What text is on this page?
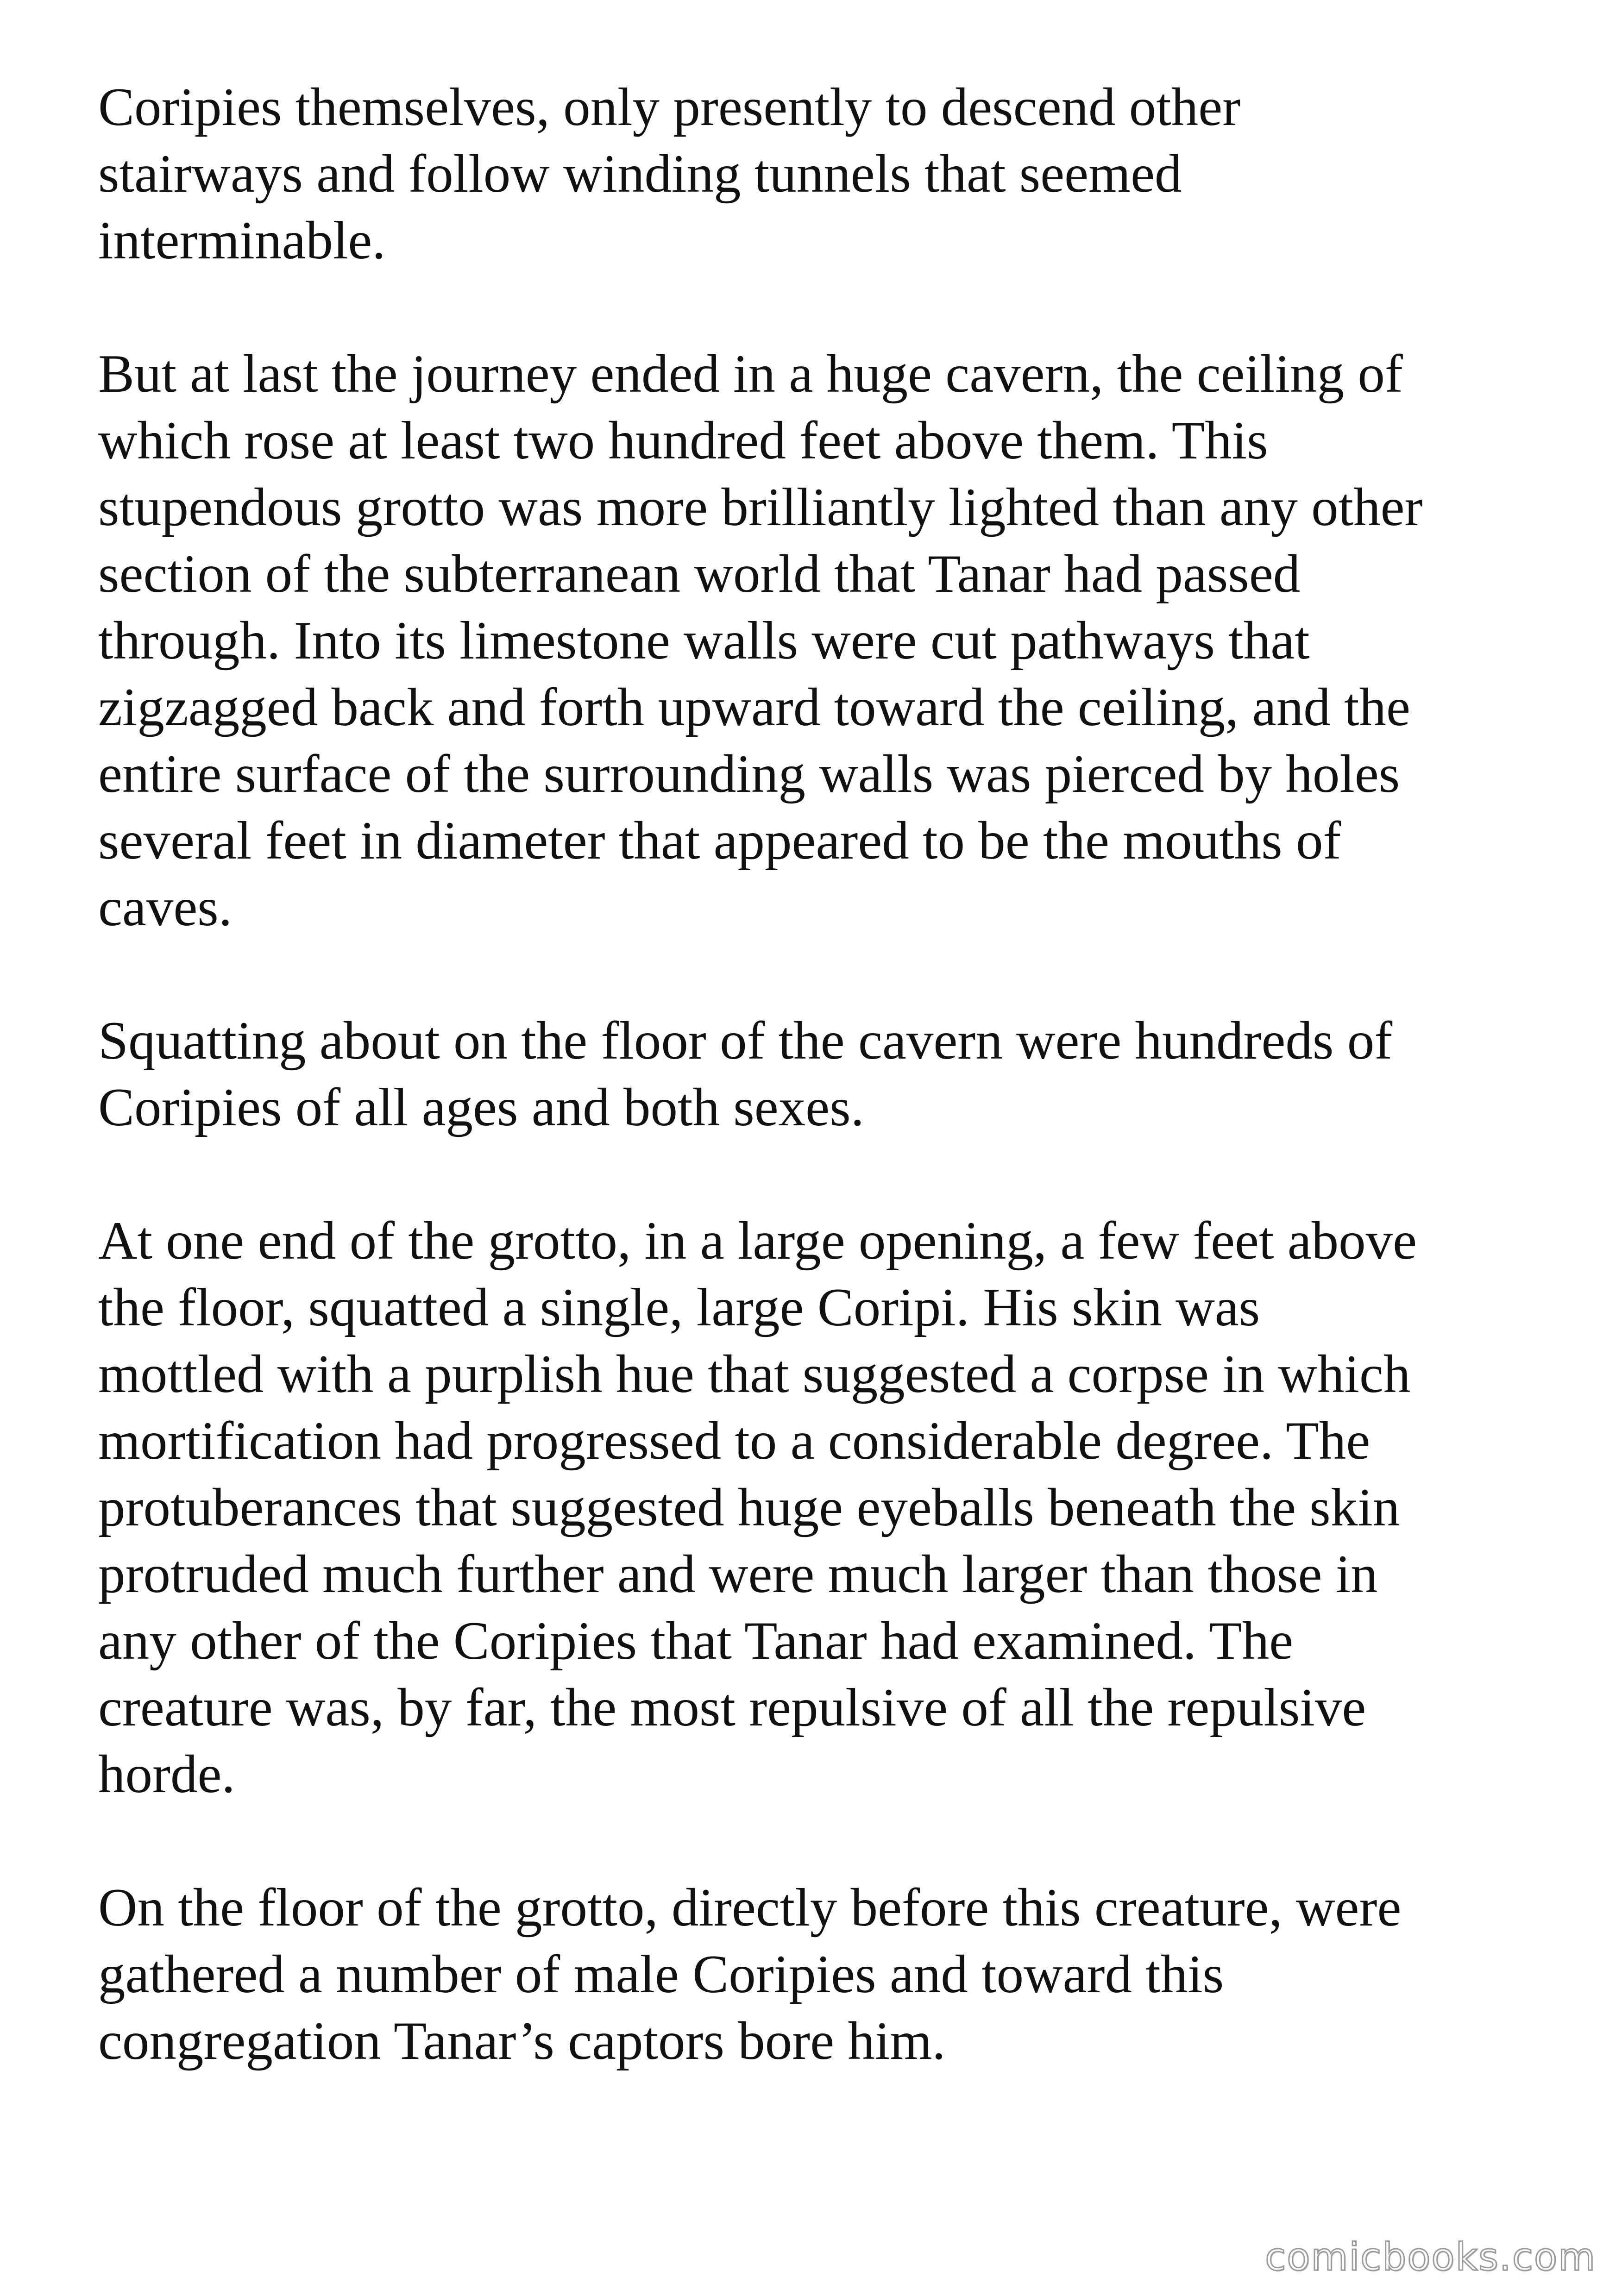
Coripies themselves, only presently to descend other
stairways and follow winding tunnels that seemed
interminable.

But at last the journey ended in a huge cavern, the ceiling of
which rose at least two hundred feet above them. This
stupendous grotto was more brilliantly lighted than any other
section of the subterranean world that Tanar had passed
through. Into its limestone walls were cut pathways that
zigzagged back and forth upward toward the ceiling, and the
entire surface of the surrounding walls was pierced by holes
several feet in diameter that appeared to be the mouths of
caves.

Squatting about on the floor of the cavern were hundreds of
Coripies of all ages and both sexes.

At one end of the grotto, in a large opening, a few feet above
the floor, squatted a single, large Coripi. His skin was
mottled with a purplish hue that suggested a corpse in which
mortification had progressed to a considerable degree. The
protuberances that suggested huge eyeballs beneath the skin
protruded much further and were much larger than those in
any other of the Coripies that Tanar had examined. The
creature was, by far, the most repulsive of all the repulsive
horde.

On the floor of the grotto, directly before this creature, were
gathered a number of male Coripies and toward this
congregation Tanar’s captors bore him.

comicbooks.com
